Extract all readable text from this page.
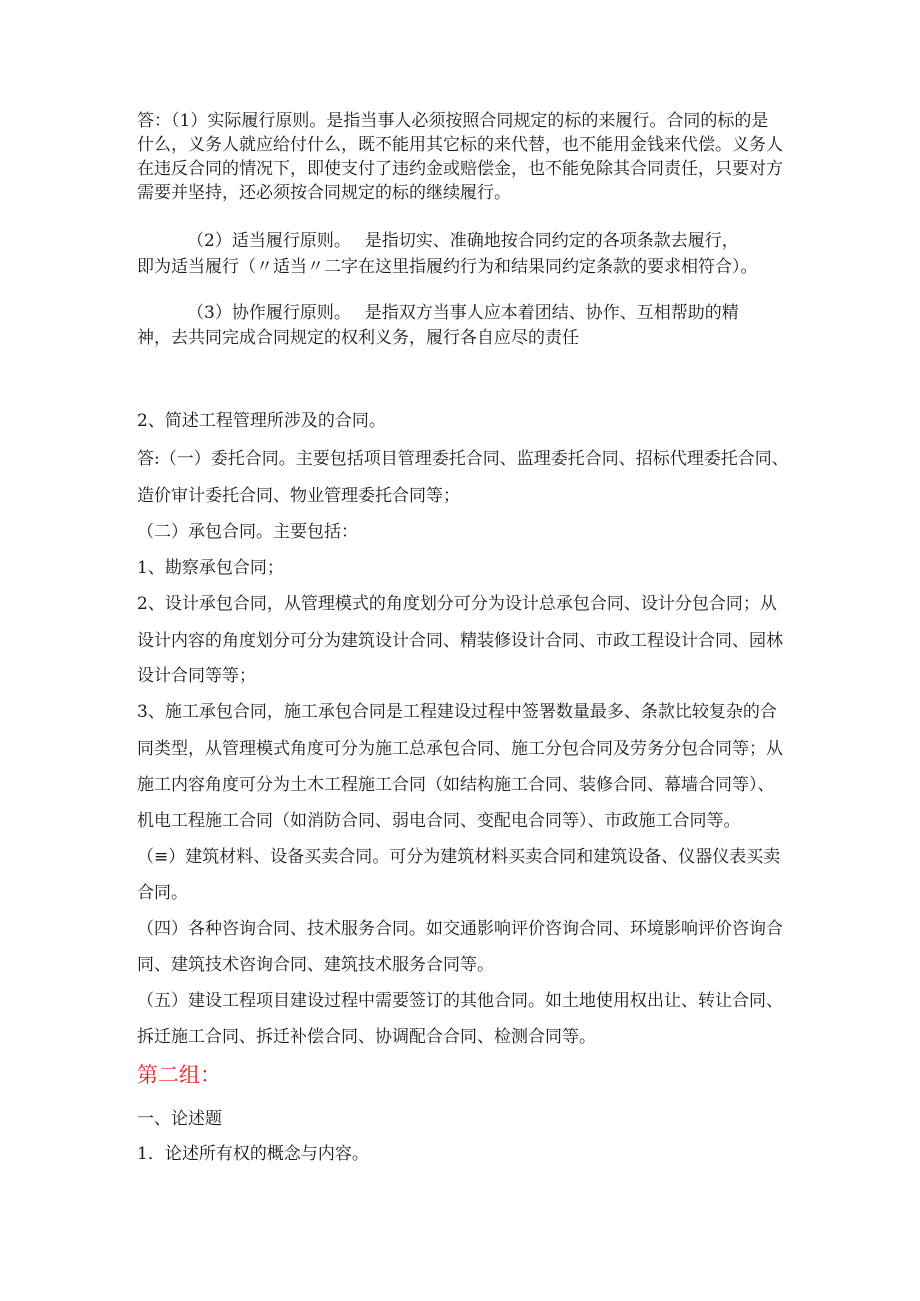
答：（1）实际履行原则。是指当事人必须按照合同规定的标的来履行。合同的标的是
什么，义务人就应给付什么，既不能用其它标的来代替，也不能用金钱来代偿。义务人
在违反合同的情况下，即使支付了违约金或赔偿金，也不能免除其合同责任，只要对方
需要并坚持，还必须按合同规定的标的继续履行。
（2）适当履行原则。　 是指切实、准确地按合同约定的各项条款去履行，
即为适当履行（〃适当〃二字在这里指履约行为和结果同约定条款的要求相符合）。
（3）协作履行原则。　 是指双方当事人应本着团结、协作、互相帮助的精
神，去共同完成合同规定的权利义务，履行各自应尽的责任
2、简述工程管理所涉及的合同。
答:（一）委托合同。主要包括项目管理委托合同、监理委托合同、招标代理委托合同、
造价审计委托合同、物业管理委托合同等；
（二）承包合同。主要包括：
1、勘察承包合同；
2、设计承包合同，从管理模式的角度划分可分为设计总承包合同、设计分包合同；从
设计内容的角度划分可分为建筑设计合同、精装修设计合同、市政工程设计合同、园林
设计合同等等；
3、施工承包合同，施工承包合同是工程建设过程中签署数量最多、条款比较复杂的合
同类型，从管理模式角度可分为施工总承包合同、施工分包合同及劳务分包合同等；从
施工内容角度可分为土木工程施工合同（如结构施工合同、装修合同、幕墙合同等）、
机电工程施工合同（如消防合同、弱电合同、变配电合同等）、市政施工合同等。
（≡）建筑材料、设备买卖合同。可分为建筑材料买卖合同和建筑设备、仪器仪表买卖
合同。
（四）各种咨询合同、技术服务合同。如交通影响评价咨询合同、环境影响评价咨询合
同、建筑技术咨询合同、建筑技术服务合同等。
（五）建设工程项目建设过程中需要签订的其他合同。如土地使用权出让、转让合同、
拆迁施工合同、拆迁补偿合同、协调配合合同、检测合同等。
第二组：
一、论述题
1．论述所有权的概念与内容。
